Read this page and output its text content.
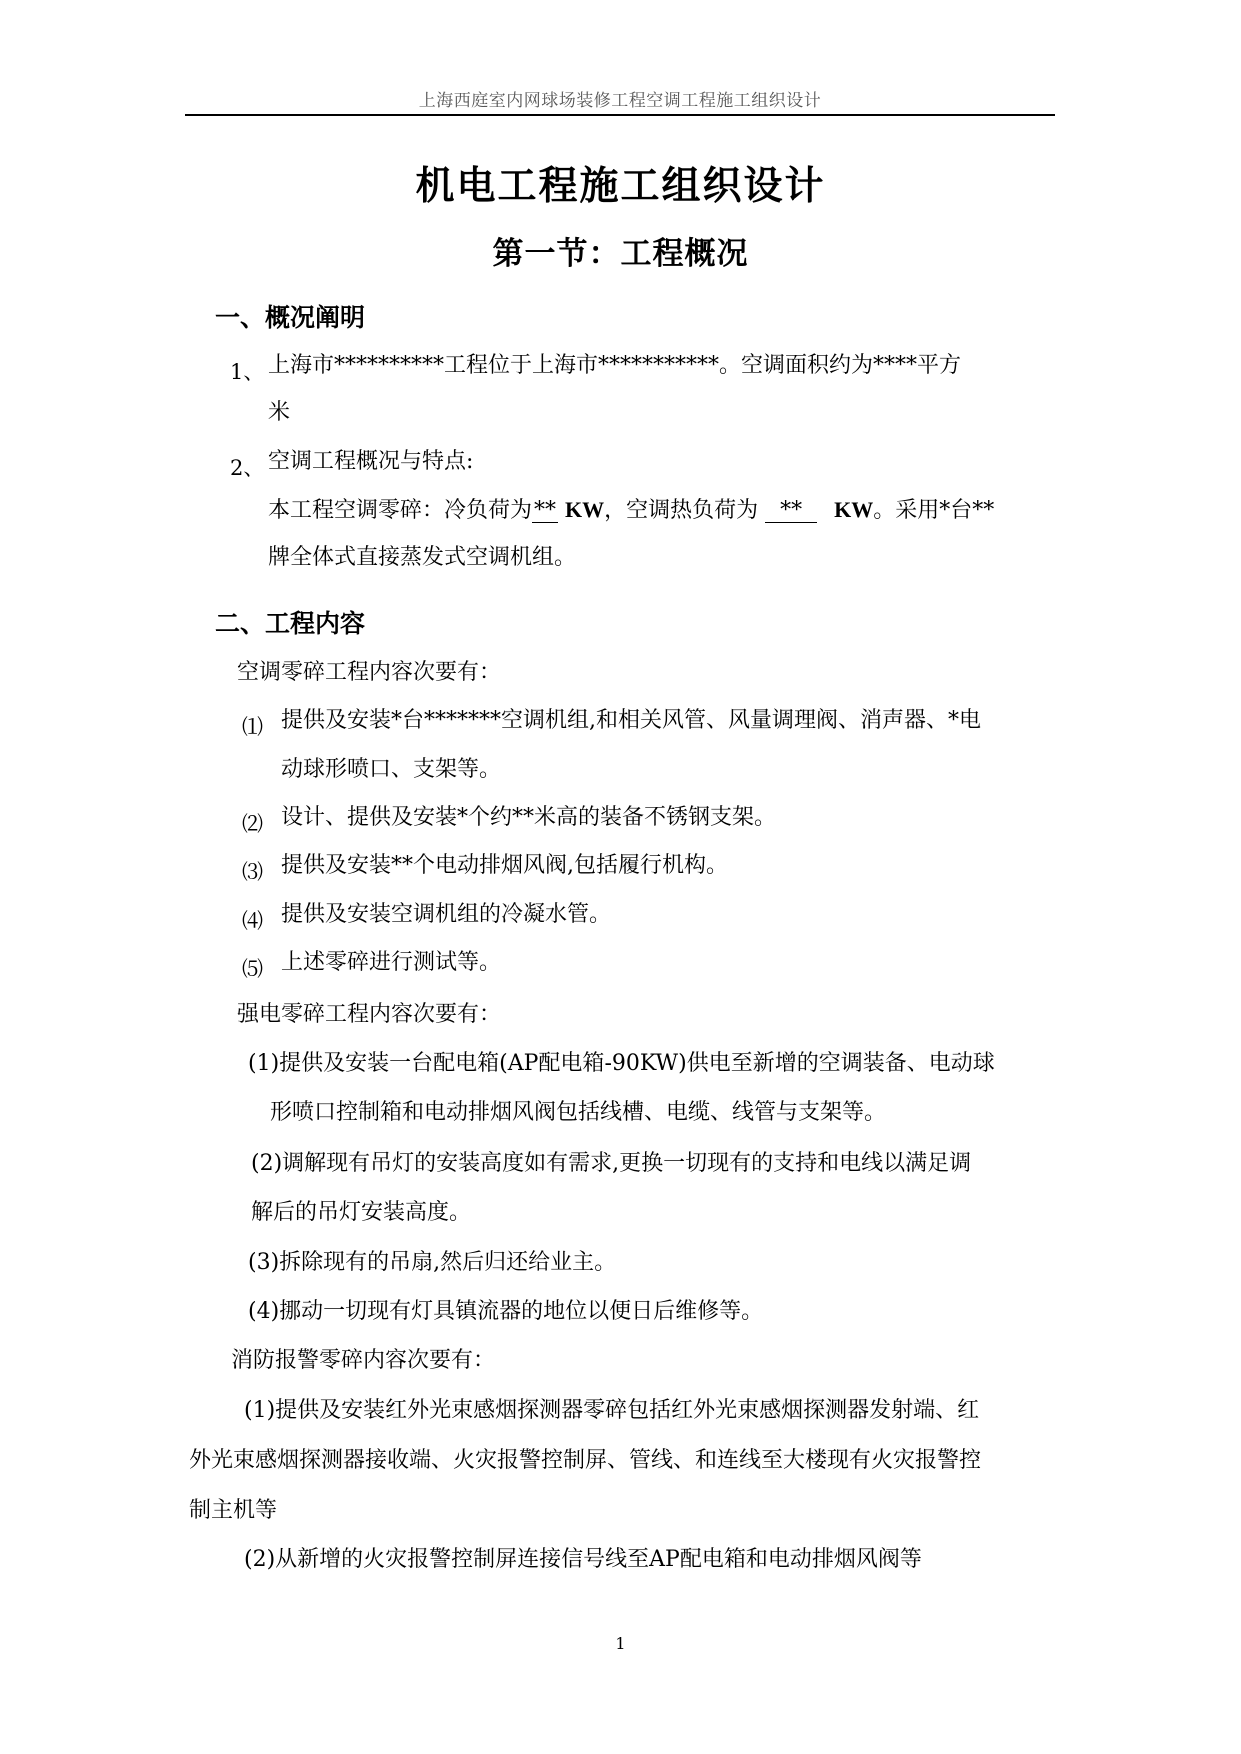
上海西庭室内网球场装修工程空调工程施工组织设计
机电工程施工组织设计
第一节：工程概况
一、概况阐明
1、 上海市**********工程位于上海市***********。空调面积约为****平方
米
2、 空调工程概况与特点:
本工程空调零碎：冷负荷为** KW，空调热负荷为 ** KW。采用*台**
牌全体式直接蒸发式空调机组。
二、工程内容
空调零碎工程内容次要有：
⑴ 提供及安装*台*******空调机组,和相关风管、风量调理阀、消声器、*电
动球形喷口、支架等。
⑵ 设计、提供及安装*个约**米高的装备不锈钢支架。
⑶ 提供及安装**个电动排烟风阀,包括履行机构。
⑷ 提供及安装空调机组的冷凝水管。
⑸ 上述零碎进行测试等。
强电零碎工程内容次要有：
(1)提供及安装一台配电箱(AP配电箱-90KW)供电至新增的空调装备、电动球
形喷口控制箱和电动排烟风阀包括线槽、电缆、线管与支架等。
(2)调解现有吊灯的安装高度如有需求,更换一切现有的支持和电线以满足调
解后的吊灯安装高度。
(3)拆除现有的吊扇,然后归还给业主。
(4)挪动一切现有灯具镇流器的地位以便日后维修等。
消防报警零碎内容次要有：
(1)提供及安装红外光束感烟探测器零碎包括红外光束感烟探测器发射端、红
外光束感烟探测器接收端、火灾报警控制屏、管线、和连线至大楼现有火灾报警控
制主机等
(2)从新增的火灾报警控制屏连接信号线至AP配电箱和电动排烟风阀等
1
